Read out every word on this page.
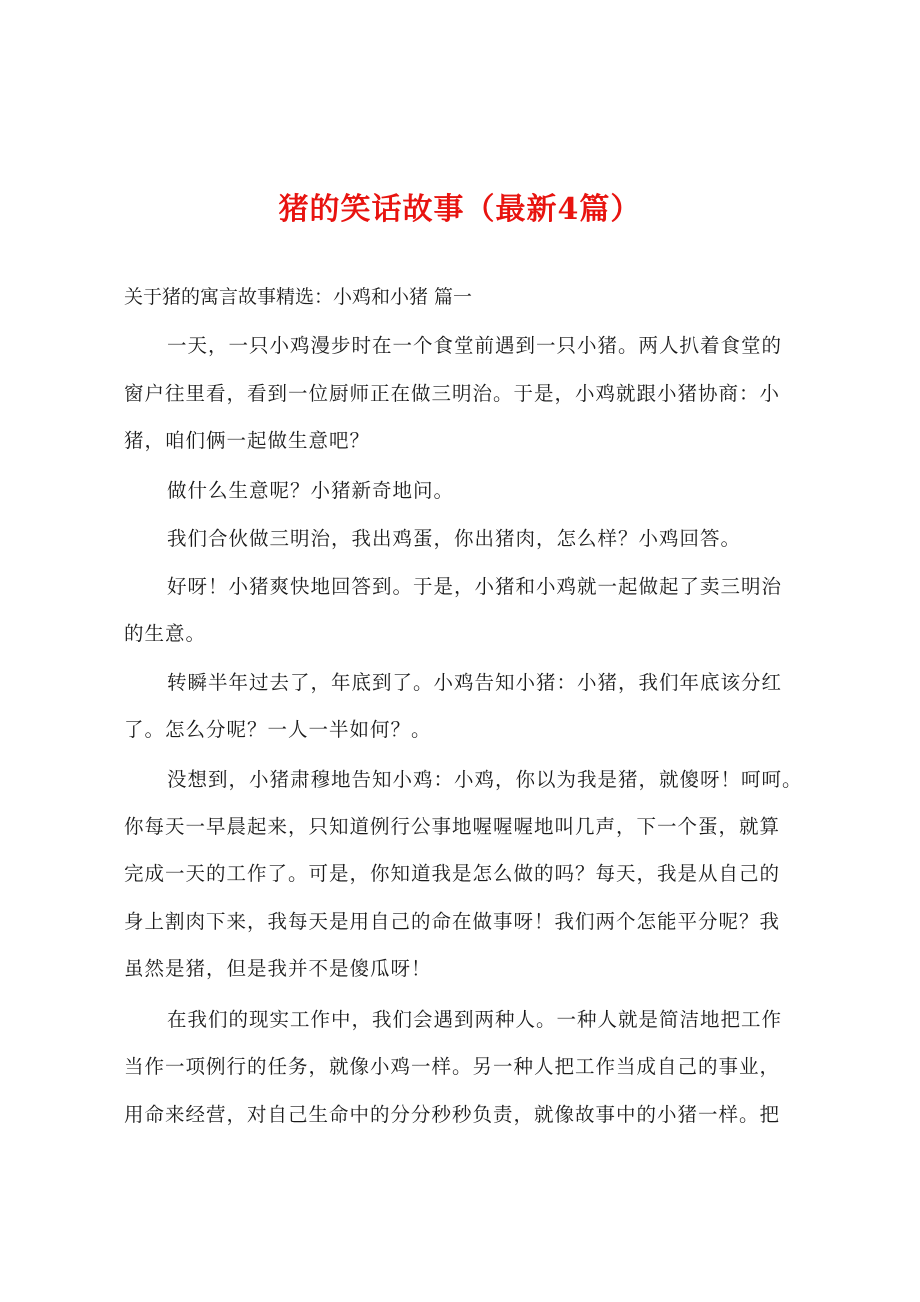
猪的笑话故事（最新4篇）

关于猪的寓言故事精选：小鸡和小猪 篇一

一天，一只小鸡漫步时在一个食堂前遇到一只小猪。两人扒着食堂的

窗户往里看，看到一位厨师正在做三明治。于是，小鸡就跟小猪协商：小

猪，咱们俩一起做生意吧？

做什么生意呢？小猪新奇地问。

我们合伙做三明治，我出鸡蛋，你出猪肉，怎么样？小鸡回答。

好呀！小猪爽快地回答到。于是，小猪和小鸡就一起做起了卖三明治

的生意。

转瞬半年过去了，年底到了。小鸡告知小猪：小猪，我们年底该分红

了。怎么分呢？一人一半如何？。

没想到，小猪肃穆地告知小鸡：小鸡，你以为我是猪，就傻呀！呵呵。

你每天一早晨起来，只知道例行公事地喔喔喔地叫几声，下一个蛋，就算

完成一天的工作了。可是，你知道我是怎么做的吗？每天，我是从自己的

身上割肉下来，我每天是用自己的命在做事呀！我们两个怎能平分呢？我

虽然是猪，但是我并不是傻瓜呀！

在我们的现实工作中，我们会遇到两种人。一种人就是简洁地把工作

当作一项例行的任务，就像小鸡一样。另一种人把工作当成自己的事业，

用命来经营，对自己生命中的分分秒秒负责，就像故事中的小猪一样。把
